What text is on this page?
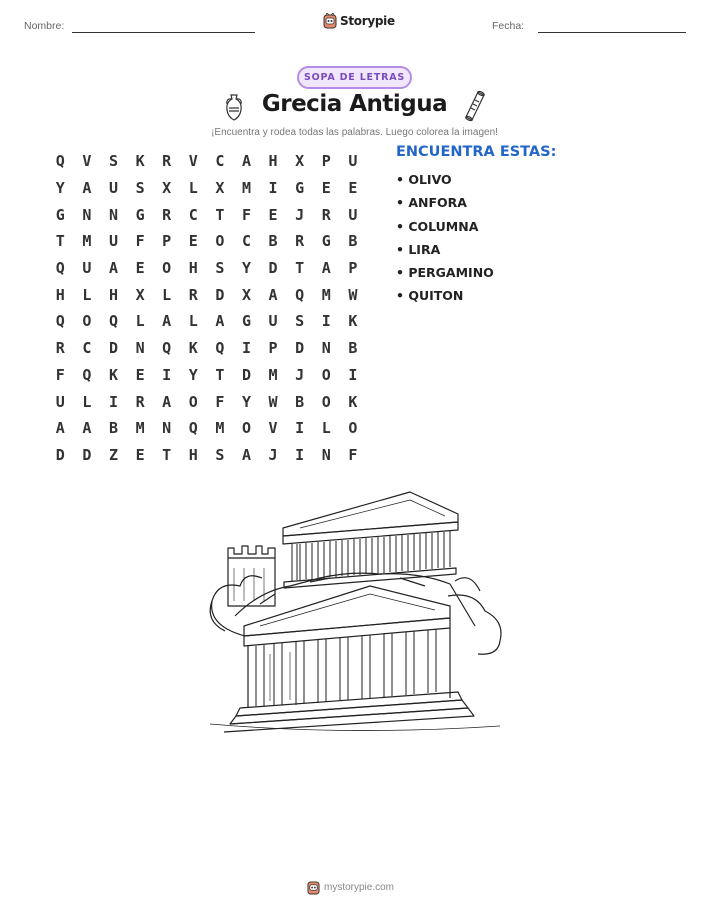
Nombre:	Storypie	Fecha:
SOPA DE LETRAS
Grecia Antigua
¡Encuentra y rodea todas las palabras. Luego colorea la imagen!
Q	V	S	K	R	V	C	A	H	X	P	U
Y	A	U	S	X	L	X	M	I	G	E	E
G	N	N	G	R	C	T	F	E	J	R	U
T	M	U	F	P	E	O	C	B	R	G	B
Q	U	A	E	O	H	S	Y	D	T	A	P
H	L	H	X	L	R	D	X	A	Q	M	W
Q	O	Q	L	A	L	A	G	U	S	I	K
R	C	D	N	Q	K	Q	I	P	D	N	B
F	Q	K	E	I	Y	T	D	M	J	O	I
U	L	I	R	A	O	F	Y	W	B	O	K
A	A	B	M	N	Q	M	O	V	I	L	O
D	D	Z	E	T	H	S	A	J	I	N	F
ENCUENTRA ESTAS:
• OLIVO
• ANFORA
• COLUMNA
• LIRA
• PERGAMINO
• QUITON
mystorypie.com
